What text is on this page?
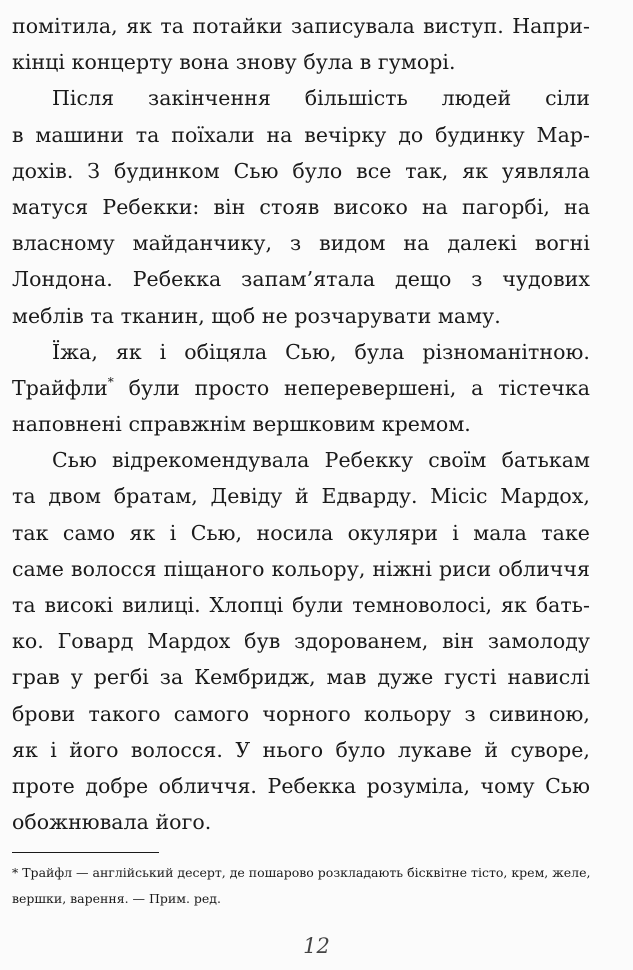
помітила, як та потайки записувала виступ. Напри-
кінці концерту вона знову була в гуморі.
Після закінчення більшість людей сіли
в машини та поїхали на вечірку до будинку Мар-
дохів. З будинком Сью було все так, як уявляла
матуся Ребекки: він стояв високо на пагорбі, на
власному майданчику, з видом на далекі вогні
Лондона. Ребекка запам’ятала дещо з чудових
меблів та тканин, щоб не розчарувати маму.
Їжа, як і обіцяла Сью, була різноманітною.
Трайфли* були просто неперевершені, а тістечка
наповнені справжнім вершковим кремом.
Сью відрекомендувала Ребекку своїм батькам
та двом братам, Девіду й Едварду. Місіс Мардох,
так само як і Сью, носила окуляри і мала таке
саме волосся піщаного кольору, ніжні риси обличчя
та високі вилиці. Хлопці були темноволосі, як бать-
ко. Говард Мардох був здорованем, він замолоду
грав у регбі за Кембридж, мав дуже густі навислі
брови такого самого чорного кольору з сивиною,
як і його волосся. У нього було лукаве й суворе,
проте добре обличчя. Ребекка розуміла, чому Сью
обожнювала його.
* Трайфл — англійський десерт, де пошарово розкладають бісквітне тісто, крем, желе,
вершки, варення. — Прим. ред.
12
